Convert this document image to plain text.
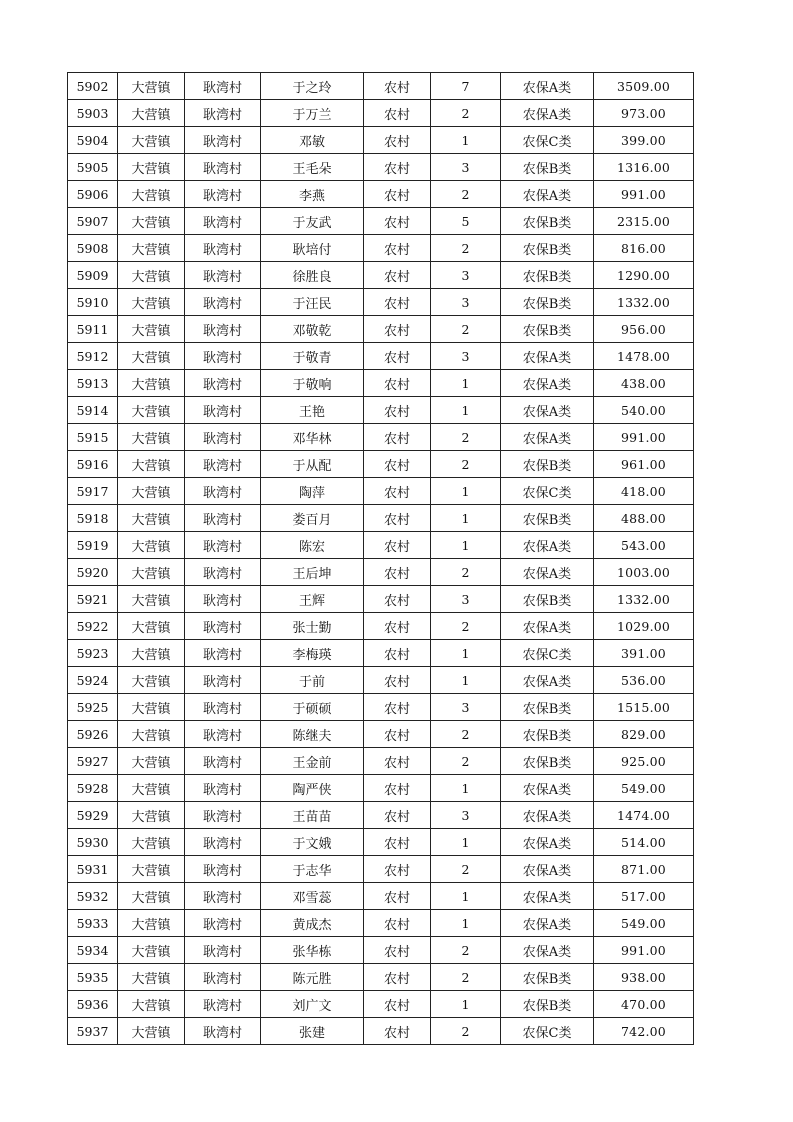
5902	大营镇	耿湾村	于之玲	农村	7	农保A类	3509.00
5903	大营镇	耿湾村	于万兰	农村	2	农保A类	973.00
5904	大营镇	耿湾村	邓敏	农村	1	农保C类	399.00
5905	大营镇	耿湾村	王毛朵	农村	3	农保B类	1316.00
5906	大营镇	耿湾村	李燕	农村	2	农保A类	991.00
5907	大营镇	耿湾村	于友武	农村	5	农保B类	2315.00
5908	大营镇	耿湾村	耿培付	农村	2	农保B类	816.00
5909	大营镇	耿湾村	徐胜良	农村	3	农保B类	1290.00
5910	大营镇	耿湾村	于汪民	农村	3	农保B类	1332.00
5911	大营镇	耿湾村	邓敬乾	农村	2	农保B类	956.00
5912	大营镇	耿湾村	于敬青	农村	3	农保A类	1478.00
5913	大营镇	耿湾村	于敬响	农村	1	农保A类	438.00
5914	大营镇	耿湾村	王艳	农村	1	农保A类	540.00
5915	大营镇	耿湾村	邓华林	农村	2	农保A类	991.00
5916	大营镇	耿湾村	于从配	农村	2	农保B类	961.00
5917	大营镇	耿湾村	陶萍	农村	1	农保C类	418.00
5918	大营镇	耿湾村	娄百月	农村	1	农保B类	488.00
5919	大营镇	耿湾村	陈宏	农村	1	农保A类	543.00
5920	大营镇	耿湾村	王后坤	农村	2	农保A类	1003.00
5921	大营镇	耿湾村	王辉	农村	3	农保B类	1332.00
5922	大营镇	耿湾村	张士勤	农村	2	农保A类	1029.00
5923	大营镇	耿湾村	李梅瑛	农村	1	农保C类	391.00
5924	大营镇	耿湾村	于前	农村	1	农保A类	536.00
5925	大营镇	耿湾村	于硕硕	农村	3	农保B类	1515.00
5926	大营镇	耿湾村	陈继夫	农村	2	农保B类	829.00
5927	大营镇	耿湾村	王金前	农村	2	农保B类	925.00
5928	大营镇	耿湾村	陶严侠	农村	1	农保A类	549.00
5929	大营镇	耿湾村	王苗苗	农村	3	农保A类	1474.00
5930	大营镇	耿湾村	于文娥	农村	1	农保A类	514.00
5931	大营镇	耿湾村	于志华	农村	2	农保A类	871.00
5932	大营镇	耿湾村	邓雪蕊	农村	1	农保A类	517.00
5933	大营镇	耿湾村	黄成杰	农村	1	农保A类	549.00
5934	大营镇	耿湾村	张华栋	农村	2	农保A类	991.00
5935	大营镇	耿湾村	陈元胜	农村	2	农保B类	938.00
5936	大营镇	耿湾村	刘广文	农村	1	农保B类	470.00
5937	大营镇	耿湾村	张建	农村	2	农保C类	742.00
